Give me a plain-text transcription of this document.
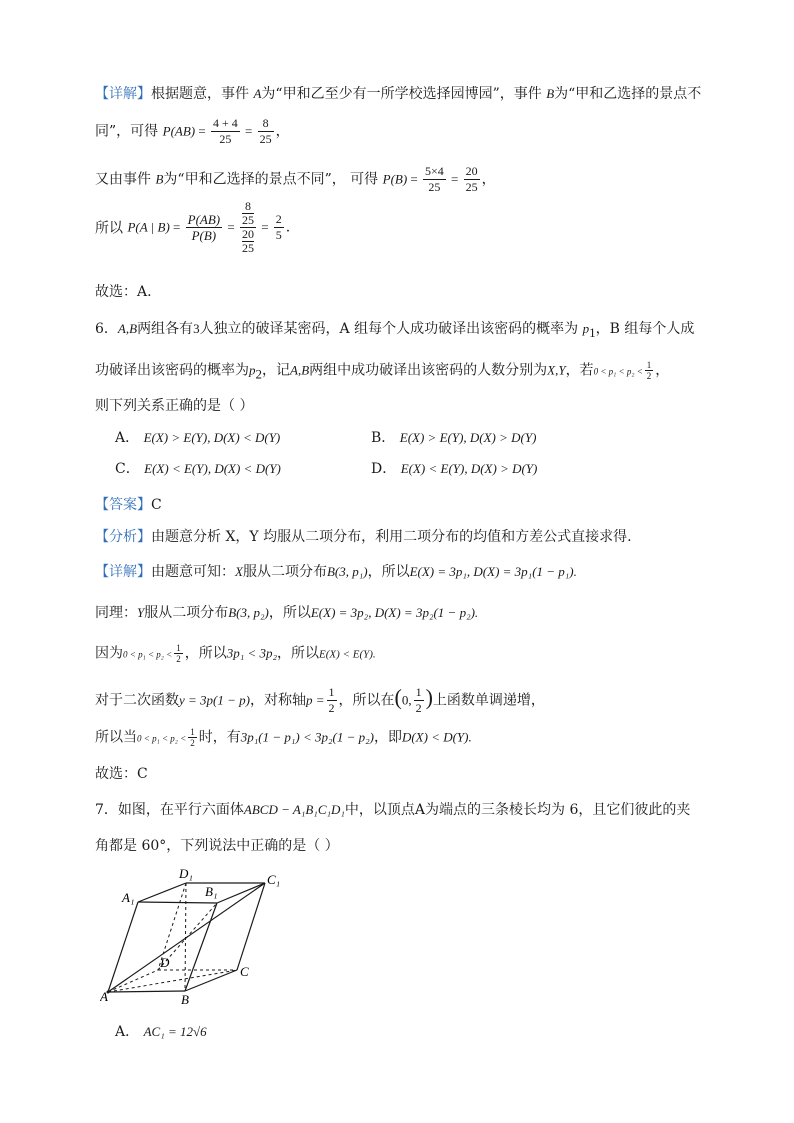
【详解】根据题意，事件 A为“甲和乙至少有一所学校选择园博园”，事件 B为“甲和乙选择的景点不
同”，可得 $P(AB) = \frac{4 + 4}{25} = \frac{8}{25}$ ，
又由事件 B为“甲和乙选择的景点不同”， 可得 $P(B) = \frac{5\times 4}{25} = \frac{20}{25}$ ，
所以 P(A | $B) = \frac{P(AB)}{P(B)} = 8$
25
20
$25 = \frac{2}{5}$ .
故选：A.
6．A,B两组各有3人独立的破译某密码，A 组每个人成功破译出该密码的概率为 $p_1$，B 组每个人成
功破译出该密码的概率为$p_2$，记A,B两组中成功破译出该密码的人数分别为X,Y，若$0 < p_1 < p_2 < \frac{1}{2}$ ，
则下列关系正确的是（ ）
A． E(X) > E(Y), D(X) < D(Y)	B． E(X) > E(Y), D(X) > D(Y)
C． E(X) < E(Y), D(X) < D(Y)	D． E(X) < E(Y), D(X) > D(Y)
【答案】C
【分析】由题意分析 X，Y 均服从二项分布，利用二项分布的均值和方差公式直接求得.
【详解】由题意可知：X服从二项分布B(3, p₁)，所以E(X) = 3p₁, D(X) = 3p₁(1 − p₁).
同理：Y服从二项分布B(3, p₂)，所以E(X) = 3p₂, D(X) = 3p₂(1 − p₂).
因为$0 < p_1 < p_2 < \frac{1}{2}$ ，所以3p₁ < 3p₂，所以E(X) < E(Y).
对于二次函数y = 3p(1 − p)，对称轴$p = \frac{1}{2}$ ，所以在(0, $\frac{1}{2}$ )上函数单调递增，
所以当$0 < p_1 < p_2 < \frac{1}{2}$ 时，有3p₁(1 − p₁) < 3p₂(1 − p₂)，即D(X) < D(Y).
故选：C
7．如图，在平行六面体ABCD − A₁B₁C₁D₁中，以顶点A为端点的三条棱长均为 6，且它们彼此的夹
角都是 60°，下列说法中正确的是（ ）
A₁
D₁
B₁
C₁
A	B
C
D
A． AC₁ = 12√6
